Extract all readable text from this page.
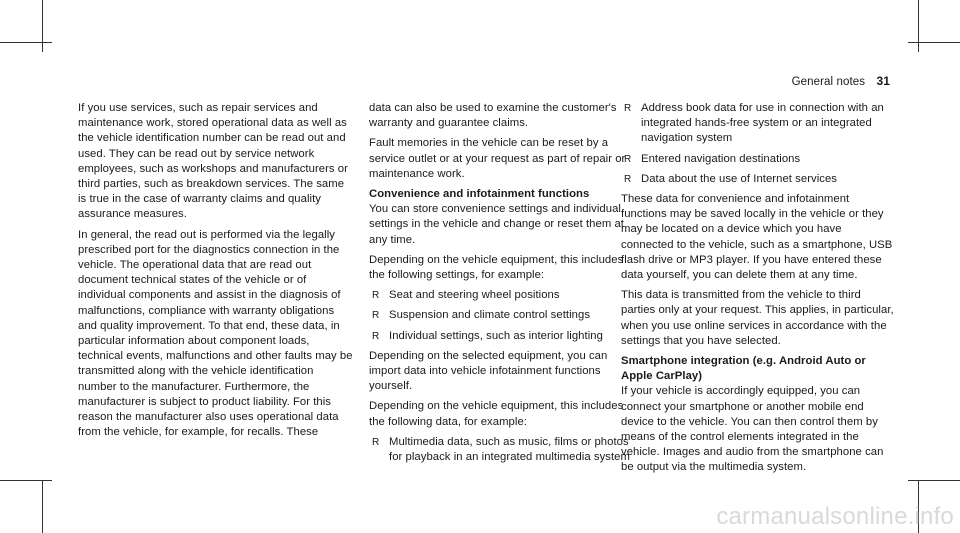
General notes 31

If you use services, such as repair services and maintenance work, stored operational data as well as the vehicle identification number can be read out and used. They can be read out by service network employees, such as workshops and manufacturers or third parties, such as breakdown services. The same is true in the case of warranty claims and quality assurance measures.

In general, the read out is performed via the legally prescribed port for the diagnostics connection in the vehicle. The operational data that are read out document technical states of the vehicle or of individual components and assist in the diagnosis of malfunctions, compliance with warranty obligations and quality improvement. To that end, these data, in particular information about component loads, technical events, malfunctions and other faults may be transmitted along with the vehicle identification number to the manufacturer. Furthermore, the manufacturer is subject to product liability. For this reason the manufacturer also uses operational data from the vehicle, for example, for recalls. These

data can also be used to examine the customer's warranty and guarantee claims.

Fault memories in the vehicle can be reset by a service outlet or at your request as part of repair or maintenance work.

Convenience and infotainment functions

You can store convenience settings and individual settings in the vehicle and change or reset them at any time.

Depending on the vehicle equipment, this includes the following settings, for example:

R Seat and steering wheel positions
R Suspension and climate control settings
R Individual settings, such as interior lighting

Depending on the selected equipment, you can import data into vehicle infotainment functions yourself.

Depending on the vehicle equipment, this includes the following data, for example:

R Multimedia data, such as music, films or photos for playback in an integrated multimedia system
R Address book data for use in connection with an integrated hands-free system or an integrated navigation system
R Entered navigation destinations
R Data about the use of Internet services

These data for convenience and infotainment functions may be saved locally in the vehicle or they may be located on a device which you have connected to the vehicle, such as a smartphone, USB flash drive or MP3 player. If you have entered these data yourself, you can delete them at any time.

This data is transmitted from the vehicle to third parties only at your request. This applies, in particular, when you use online services in accordance with the settings that you have selected.

Smartphone integration (e.g. Android Auto or Apple CarPlay)

If your vehicle is accordingly equipped, you can connect your smartphone or another mobile end device to the vehicle. You can then control them by means of the control elements integrated in the vehicle. Images and audio from the smartphone can be output via the multimedia system.

carmanualsonline.info
